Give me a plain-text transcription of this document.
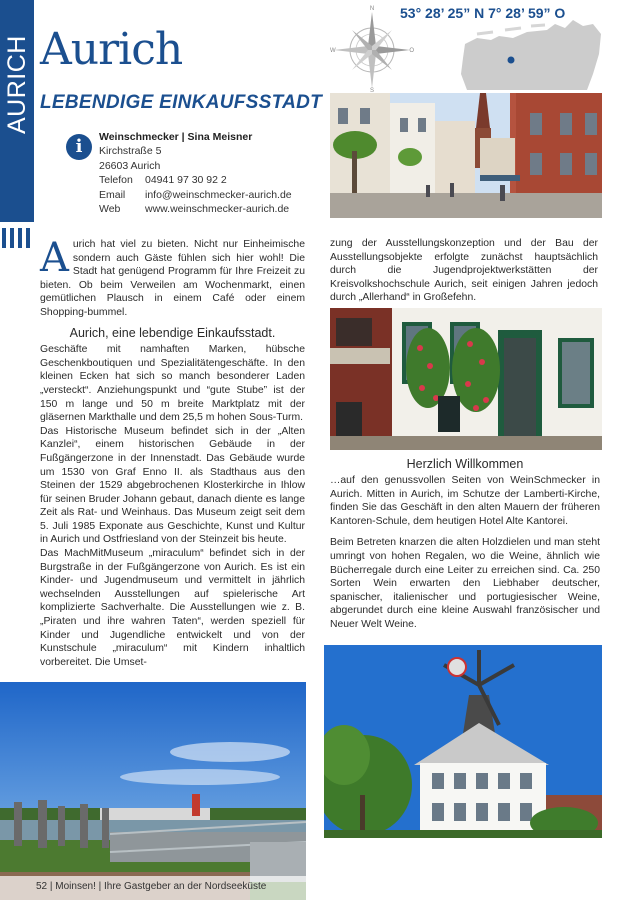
AURICH Aurich
LEBENDIGE EINKAUFSSTADT
N
O
S
W
53° 28’ 25” N 7° 28’ 59” O
i	Weinschmecker | Sina Meisner
Kirchstraße 5
26603 Aurich
Telefon	04941 97 30 92 2
Email	info@weinschmecker-aurich.de
Web	www.weinschmecker-aurich.de
A urich hat viel zu bieten. Nicht nur Einheimische sondern auch Gäste fühlen sich hier wohl! Die Stadt hat genügend Programm für Ihre Freizeit zu bieten. Ob beim Verweilen am Wochenmarkt, einen gemütlichen Plausch in einem Café oder einem Shopping-bummel.

Aurich, eine lebendige Einkaufsstadt.

Geschäfte mit namhaften Marken, hübsche Geschenkboutiquen und Spezialitätengeschäfte. In den kleinen Ecken hat sich so manch besonderer Laden „versteckt“. Anziehungspunkt und “gute Stube” ist der 150 m lange und 50 m breite Marktplatz mit der gläsernen Markthalle und dem 25,5 m hohen Sous-Turm.

Das Historische Museum befindet sich in der „Alten Kanzlei“, einem historischen Gebäude in der Fußgängerzone in der Innenstadt. Das Gebäude wurde um 1530 von Graf Enno II. als Stadthaus aus den Steinen der 1529 abgebrochenen Klosterkirche in Ihlow für seinen Bruder Johann gebaut, danach diente es lange Zeit als Rat- und Weinhaus. Das Museum zeigt seit dem 5. Juli 1985 Exponate aus Geschichte, Kunst und Kultur in Aurich und Ostfriesland von der Steinzeit bis heute.

Das MachMitMuseum „miraculum“ befindet sich in der Burgstraße in der Fußgängerzone von Aurich. Es ist ein Kinder- und Jugendmuseum und vermittelt in jährlich wechselnden Ausstellungen auf spielerische Art komplizierte Sachverhalte. Die Ausstellungen wie z. B. „Piraten und ihre wahren Taten“, werden speziell für Kinder und Jugendliche entwickelt und von der Kunstschule „miraculum“ mit Kindern inhaltlich vorbereitet. Die Umset-

zung der Ausstellungskonzeption und der Bau der Ausstellungsobjekte erfolgte zunächst hauptsächlich durch die Jugendprojektwerkstätten der Kreisvolkshochschule Aurich, seit einigen Jahren jedoch durch „Allerhand“ in Großefehn.

Herzlich Willkommen

…auf den genussvollen Seiten von WeinSchmecker in Aurich. Mitten in Aurich, im Schutze der Lamberti-Kirche, finden Sie das Geschäft in den alten Mauern der früheren Kantoren-Schule, dem heutigen Hotel Alte Kantorei.

Beim Betreten knarzen die alten Holzdielen und man steht umringt von hohen Regalen, wo die Weine, ähnlich wie Bücherregale durch eine Leiter zu erreichen sind. Ca. 250 Sorten Wein erwarten den Liebhaber deutscher, spanischer, italienischer und portugiesischer Weine, abgerundet durch eine kleine Auswahl französischer und Neuer Welt Weine.

52 | Moinsen! | Ihre Gastgeber an der Nordseeküste
